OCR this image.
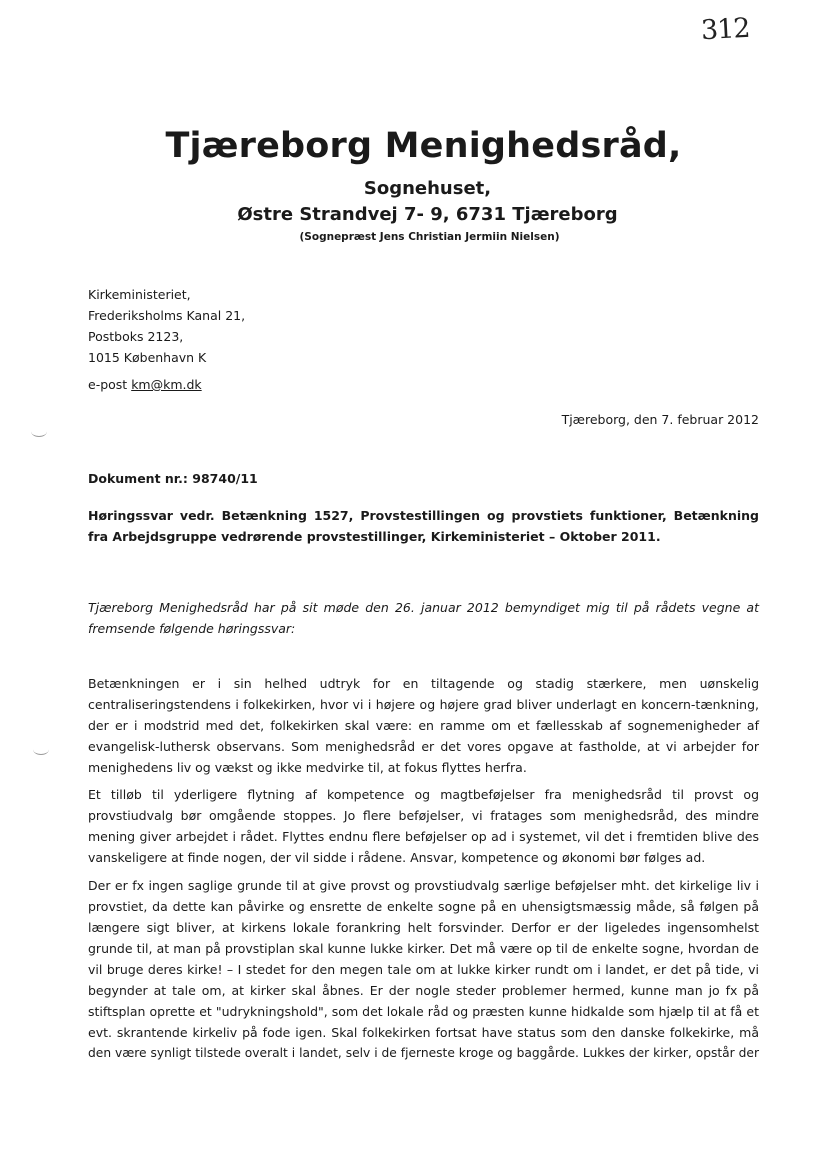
312
Tjæreborg Menighedsråd,
Sognehuset,
Østre Strandvej 7- 9, 6731 Tjæreborg
(Sognepræst Jens Christian Jermiin Nielsen)
Kirkeministeriet,
Frederiksholms Kanal 21,
Postboks 2123,
1015 København K
e-post km@km.dk
Tjæreborg, den 7. februar 2012
Dokument nr.: 98740/11
Høringssvar vedr. Betænkning 1527, Provstestillingen og provstiets funktioner, Betænkning fra Arbejdsgruppe vedrørende provstestillinger, Kirkeministeriet – Oktober 2011.
Tjæreborg Menighedsråd har på sit møde den 26. januar 2012 bemyndiget mig til på rådets vegne at fremsende følgende høringssvar:
Betænkningen er i sin helhed udtryk for en tiltagende og stadig stærkere, men uønskelig
centraliseringstendens i folkekirken, hvor vi i højere og højere grad bliver underlagt en koncern-tænkning,
der er i modstrid med det, folkekirken skal være: en ramme om et fællesskab af sognemenigheder af
evangelisk-luthersk observans. Som menighedsråd er det vores opgave at fastholde, at vi arbejder for
menighedens liv og vækst og ikke medvirke til, at fokus flyttes herfra.
Et tilløb til yderligere flytning af kompetence og magtbeføjelser fra menighedsråd til provst og
provstiudvalg bør omgående stoppes. Jo flere beføjelser, vi fratages som menighedsråd, des mindre
mening giver arbejdet i rådet. Flyttes endnu flere beføjelser op ad i systemet, vil det i fremtiden blive des
vanskeligere at finde nogen, der vil sidde i rådene. Ansvar, kompetence og økonomi bør følges ad.
Der er fx ingen saglige grunde til at give provst og provstiudvalg særlige beføjelser mht. det kirkelige liv i
provstiet, da dette kan påvirke og ensrette de enkelte sogne på en uhensigtsmæssig måde, så følgen på
længere sigt bliver, at kirkens lokale forankring helt forsvinder. Derfor er der ligeledes ingensomhelst
grunde til, at man på provstiplan skal kunne lukke kirker. Det må være op til de enkelte sogne, hvordan de
vil bruge deres kirke! – I stedet for den megen tale om at lukke kirker rundt om i landet, er det på tide, vi
begynder at tale om, at kirker skal åbnes. Er der nogle steder problemer hermed, kunne man jo fx på
stiftsplan oprette et "udrykningshold", som det lokale råd og præsten kunne hidkalde som hjælp til at få et
evt. skrantende kirkeliv på fode igen. Skal folkekirken fortsat have status som den danske folkekirke, må
den være synligt tilstede overalt i landet, selv i de fjerneste kroge og baggårde. Lukkes der kirker, opstår der
